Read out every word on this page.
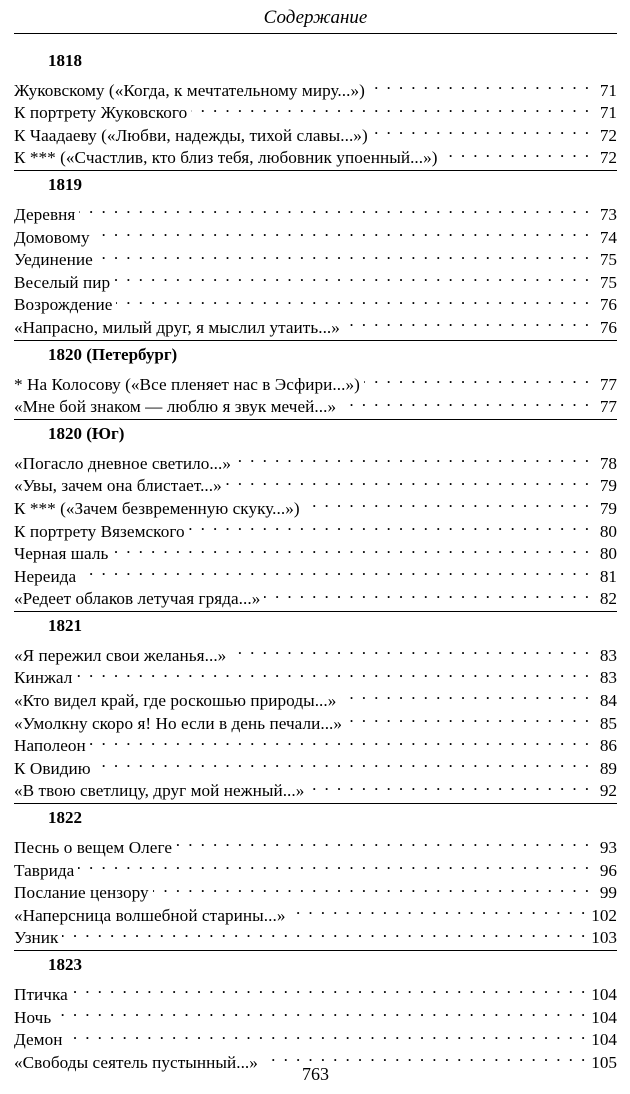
Содержание
1818
Жуковскому («Когда, к мечтательному миру...») . . .	71
К портрету Жуковского . . .	71
К Чаадаеву («Любви, надежды, тихой славы...») . . .	72
К *** («Счастлив, кто близ тебя, любовник упоенный...») . . .	72
1819
Деревня . . .	73
Домовому . . .	74
Уединение . . .	75
Веселый пир . . .	75
Возрождение . . .	76
«Напрасно, милый друг, я мыслил утаить...» . . .	76
1820 (Петербург)
* На Колосову («Все пленяет нас в Эсфири...») . . .	77
«Мне бой знаком — люблю я звук мечей...» . . .	77
1820 (Юг)
«Погасло дневное светило...» . . .	78
«Увы, зачем она блистает...» . . .	79
К *** («Зачем безвременную скуку...») . . .	79
К портрету Вяземского . . .	80
Черная шаль . . .	80
Нереида . . .	81
«Редеет облаков летучая гряда...» . . .	82
1821
«Я пережил свои желанья...» . . .	83
Кинжал . . .	83
«Кто видел край, где роскошью природы...» . . .	84
«Умолкну скоро я! Но если в день печали...» . . .	85
Наполеон . . .	86
К Овидию . . .	89
«В твою светлицу, друг мой нежный...» . . .	92
1822
Песнь о вещем Олеге . . .	93
Таврида . . .	96
Послание цензору . . .	99
«Наперсница волшебной старины...» . . .	102
Узник . . .	103
1823
Птичка . . .	104
Ночь . . .	104
Демон . . .	104
«Свободы сеятель пустынный...» . . .	105
763
